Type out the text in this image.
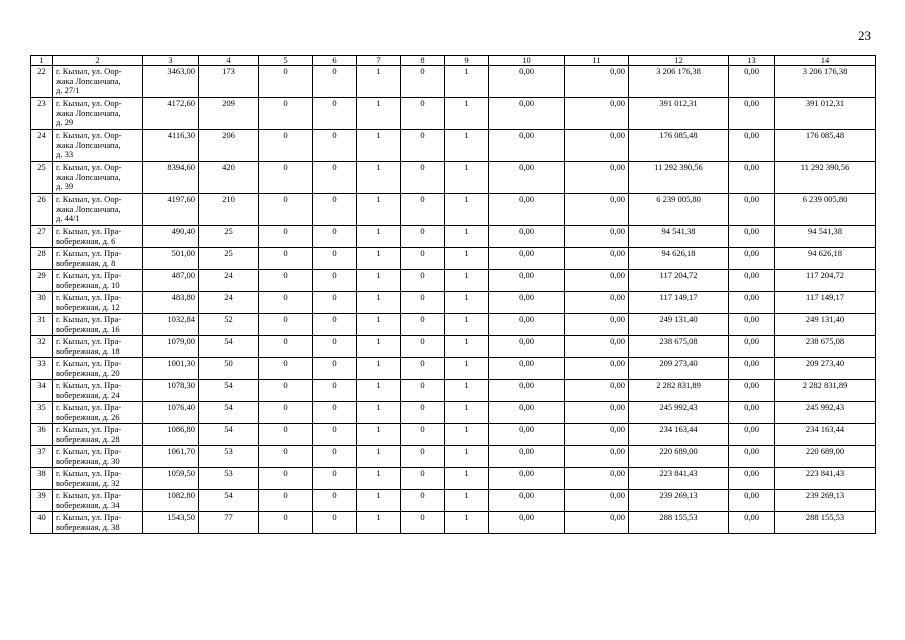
23
1	2	3	4	5	6	7	8	9	10	11	12	13	14
22	г. Кызыл, ул. Оор-
жака Лопсанчапа,
д. 27/1	3463,00	173	0	0	1	0	1	0,00	0,00	3 206 176,38	0,00	3 206 176,38
23	г. Кызыл, ул. Оор-
жака Лопсанчапа,
д. 29	4172,60	209	0	0	1	0	1	0,00	0,00	391 012,31	0,00	391 012,31
24	г. Кызыл, ул. Оор-
жака Лопсанчапа,
д. 33	4116,30	206	0	0	1	0	1	0,00	0,00	176 085,48	0,00	176 085,48
25	г. Кызыл, ул. Оор-
жака Лопсанчапа,
д. 39	8394,60	420	0	0	1	0	1	0,00	0,00	11 292 390,56	0,00	11 292 390,56
26	г. Кызыл, ул. Оор-
жака Лопсанчапа,
д. 44/1	4197,60	210	0	0	1	0	1	0,00	0,00	6 239 005,80	0,00	6 239 005,80
27	г. Кызыл, ул. Пра-
вобережная, д. 6	490,40	25	0	0	1	0	1	0,00	0,00	94 541,38	0,00	94 541,38
28	г. Кызыл, ул. Пра-
вобережная, д. 8	501,00	25	0	0	1	0	1	0,00	0,00	94 626,18	0,00	94 626,18
29	г. Кызыл, ул. Пра-
вобережная, д. 10	487,00	24	0	0	1	0	1	0,00	0,00	117 204,72	0,00	117 204,72
30	г. Кызыл, ул. Пра-
вобережная, д. 12	483,80	24	0	0	1	0	1	0,00	0,00	117 149,17	0,00	117 149,17
31	г. Кызыл, ул. Пра-
вобережная, д. 16	1032,84	52	0	0	1	0	1	0,00	0,00	249 131,40	0,00	249 131,40
32	г. Кызыл, ул. Пра-
вобережная, д. 18	1079,00	54	0	0	1	0	1	0,00	0,00	238 675,08	0,00	238 675,08
33	г. Кызыл, ул. Пра-
вобережная, д. 20	1001,30	50	0	0	1	0	1	0,00	0,00	209 273,40	0,00	209 273,40
34	г. Кызыл, ул. Пра-
вобережная, д. 24	1078,30	54	0	0	1	0	1	0,00	0,00	2 282 831,89	0,00	2 282 831,89
35	г. Кызыл, ул. Пра-
вобережная, д. 26	1076,40	54	0	0	1	0	1	0,00	0,00	245 992,43	0,00	245 992,43
36	г. Кызыл, ул. Пра-
вобережная, д. 28	1086,80	54	0	0	1	0	1	0,00	0,00	234 163,44	0,00	234 163,44
37	г. Кызыл, ул. Пра-
вобережная, д. 30	1061,70	53	0	0	1	0	1	0,00	0,00	220 689,00	0,00	220 689,00
38	г. Кызыл, ул. Пра-
вобережная, д. 32	1059,50	53	0	0	1	0	1	0,00	0,00	223 841,43	0,00	223 841,43
39	г. Кызыл, ул. Пра-
вобережная, д. 34	1082,80	54	0	0	1	0	1	0,00	0,00	239 269,13	0,00	239 269,13
40	г. Кызыл, ул. Пра-
вобережная, д. 38	1543,50	77	0	0	1	0	1	0,00	0,00	288 155,53	0,00	288 155,53
